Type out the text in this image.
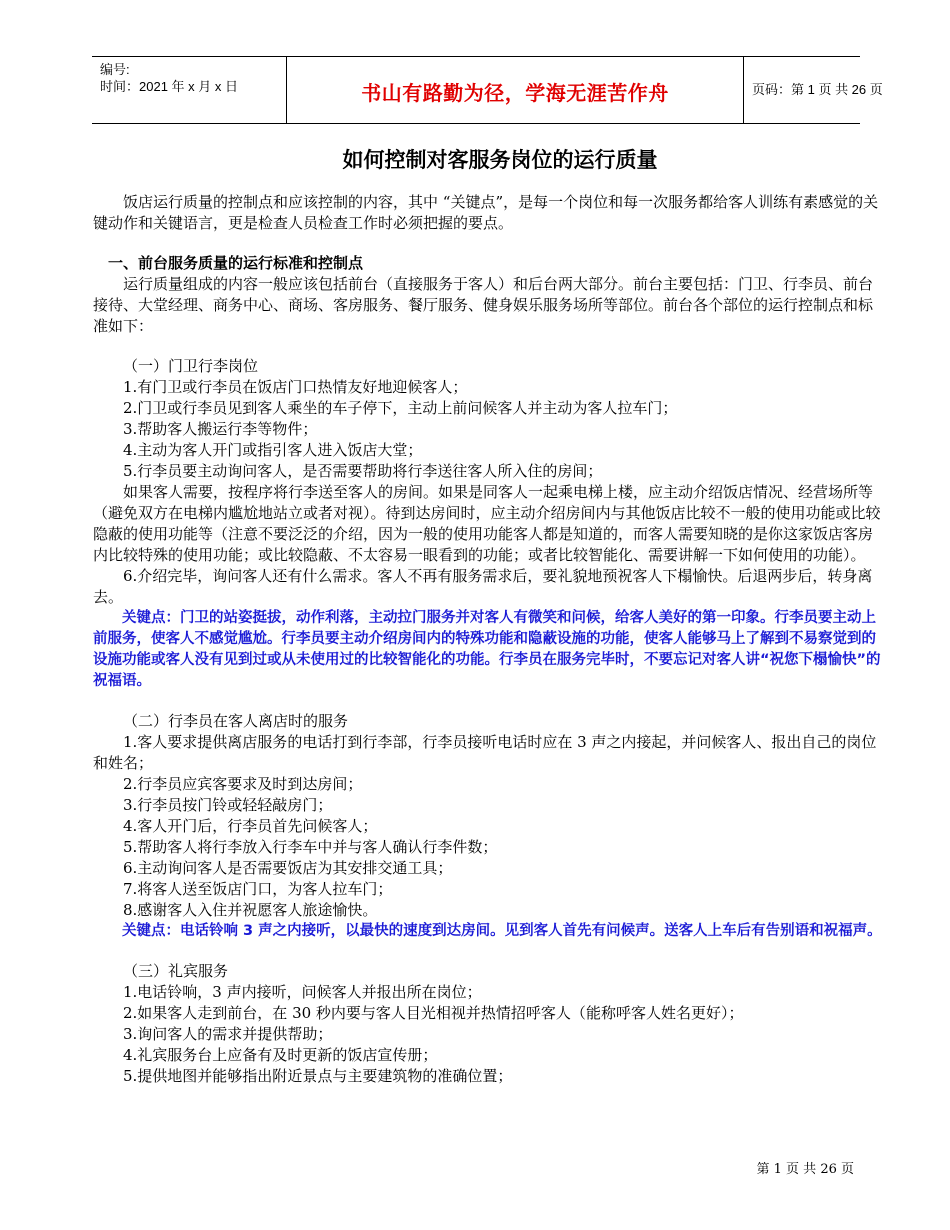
编号:
时间：2021 年 x 月 x 日	书山有路勤为径，学海无涯苦作舟	页码：第 1 页 共 26 页
如何控制对客服务岗位的运行质量

饭店运行质量的控制点和应该控制的内容，其中 “关键点”，是每一个岗位和每一次服务都给客人训练有素感觉的关键动作和关键语言，更是检查人员检查工作时必须把握的要点。

一、前台服务质量的运行标准和控制点

运行质量组成的内容一般应该包括前台（直接服务于客人）和后台两大部分。前台主要包括：门卫、行李员、前台接待、大堂经理、商务中心、商场、客房服务、餐厅服务、健身娱乐服务场所等部位。前台各个部位的运行控制点和标准如下：

（一）门卫行李岗位

1.有门卫或行李员在饭店门口热情友好地迎候客人；

2.门卫或行李员见到客人乘坐的车子停下，主动上前问候客人并主动为客人拉车门；

3.帮助客人搬运行李等物件；

4.主动为客人开门或指引客人进入饭店大堂；

5.行李员要主动询问客人，是否需要帮助将行李送往客人所入住的房间；

如果客人需要，按程序将行李送至客人的房间。如果是同客人一起乘电梯上楼，应主动介绍饭店情况、经营场所等（避免双方在电梯内尴尬地站立或者对视）。待到达房间时，应主动介绍房间内与其他饭店比较不一般的使用功能或比较隐蔽的使用功能等（注意不要泛泛的介绍，因为一般的使用功能客人都是知道的，而客人需要知晓的是你这家饭店客房内比较特殊的使用功能；或比较隐蔽、不太容易一眼看到的功能；或者比较智能化、需要讲解一下如何使用的功能）。

6.介绍完毕，询问客人还有什么需求。客人不再有服务需求后，要礼貌地预祝客人下榻愉快。后退两步后，转身离去。

关键点：门卫的站姿挺拔，动作利落，主动拉门服务并对客人有微笑和问候，给客人美好的第一印象。行李员要主动上前服务，使客人不感觉尴尬。行李员要主动介绍房间内的特殊功能和隐蔽设施的功能，使客人能够马上了解到不易察觉到的设施功能或客人没有见到过或从未使用过的比较智能化的功能。行李员在服务完毕时，不要忘记对客人讲“祝您下榻愉快”的祝福语。

（二）行李员在客人离店时的服务

1.客人要求提供离店服务的电话打到行李部，行李员接听电话时应在 3 声之内接起，并问候客人、报出自己的岗位和姓名；

2.行李员应宾客要求及时到达房间；

3.行李员按门铃或轻轻敲房门；

4.客人开门后，行李员首先问候客人；

5.帮助客人将行李放入行李车中并与客人确认行李件数；

6.主动询问客人是否需要饭店为其安排交通工具；

7.将客人送至饭店门口，为客人拉车门；

8.感谢客人入住并祝愿客人旅途愉快。

关键点：电话铃响 3 声之内接听，以最快的速度到达房间。见到客人首先有问候声。送客人上车后有告别语和祝福声。

（三）礼宾服务

1.电话铃响，3 声内接听，问候客人并报出所在岗位；

2.如果客人走到前台，在 30 秒内要与客人目光相视并热情招呼客人（能称呼客人姓名更好）；

3.询问客人的需求并提供帮助；

4.礼宾服务台上应备有及时更新的饭店宣传册；

5.提供地图并能够指出附近景点与主要建筑物的准确位置；

第 1 页 共 26 页
